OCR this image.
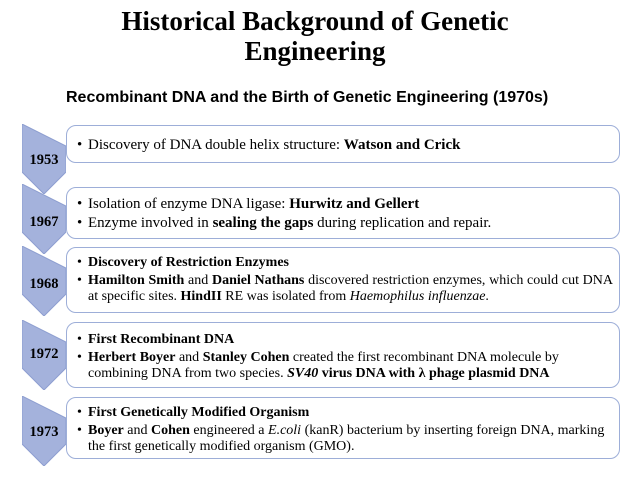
Historical Background of Genetic Engineering
Recombinant DNA and the Birth of Genetic Engineering (1970s)
1953
• Discovery of DNA double helix structure: Watson and Crick
1967
• Isolation of enzyme DNA ligase: Hurwitz and Gellert
• Enzyme involved in sealing the gaps during replication and repair.
1968
• Discovery of Restriction Enzymes
• Hamilton Smith and Daniel Nathans discovered restriction enzymes, which could cut DNA at specific sites. HindII RE was isolated from Haemophilus influenzae.
1972
• First Recombinant DNA
• Herbert Boyer and Stanley Cohen created the first recombinant DNA molecule by combining DNA from two species. SV40 virus DNA with λ phage plasmid DNA
1973
• First Genetically Modified Organism
• Boyer and Cohen engineered a E.coli (kanR) bacterium by inserting foreign DNA, marking the first genetically modified organism (GMO).
